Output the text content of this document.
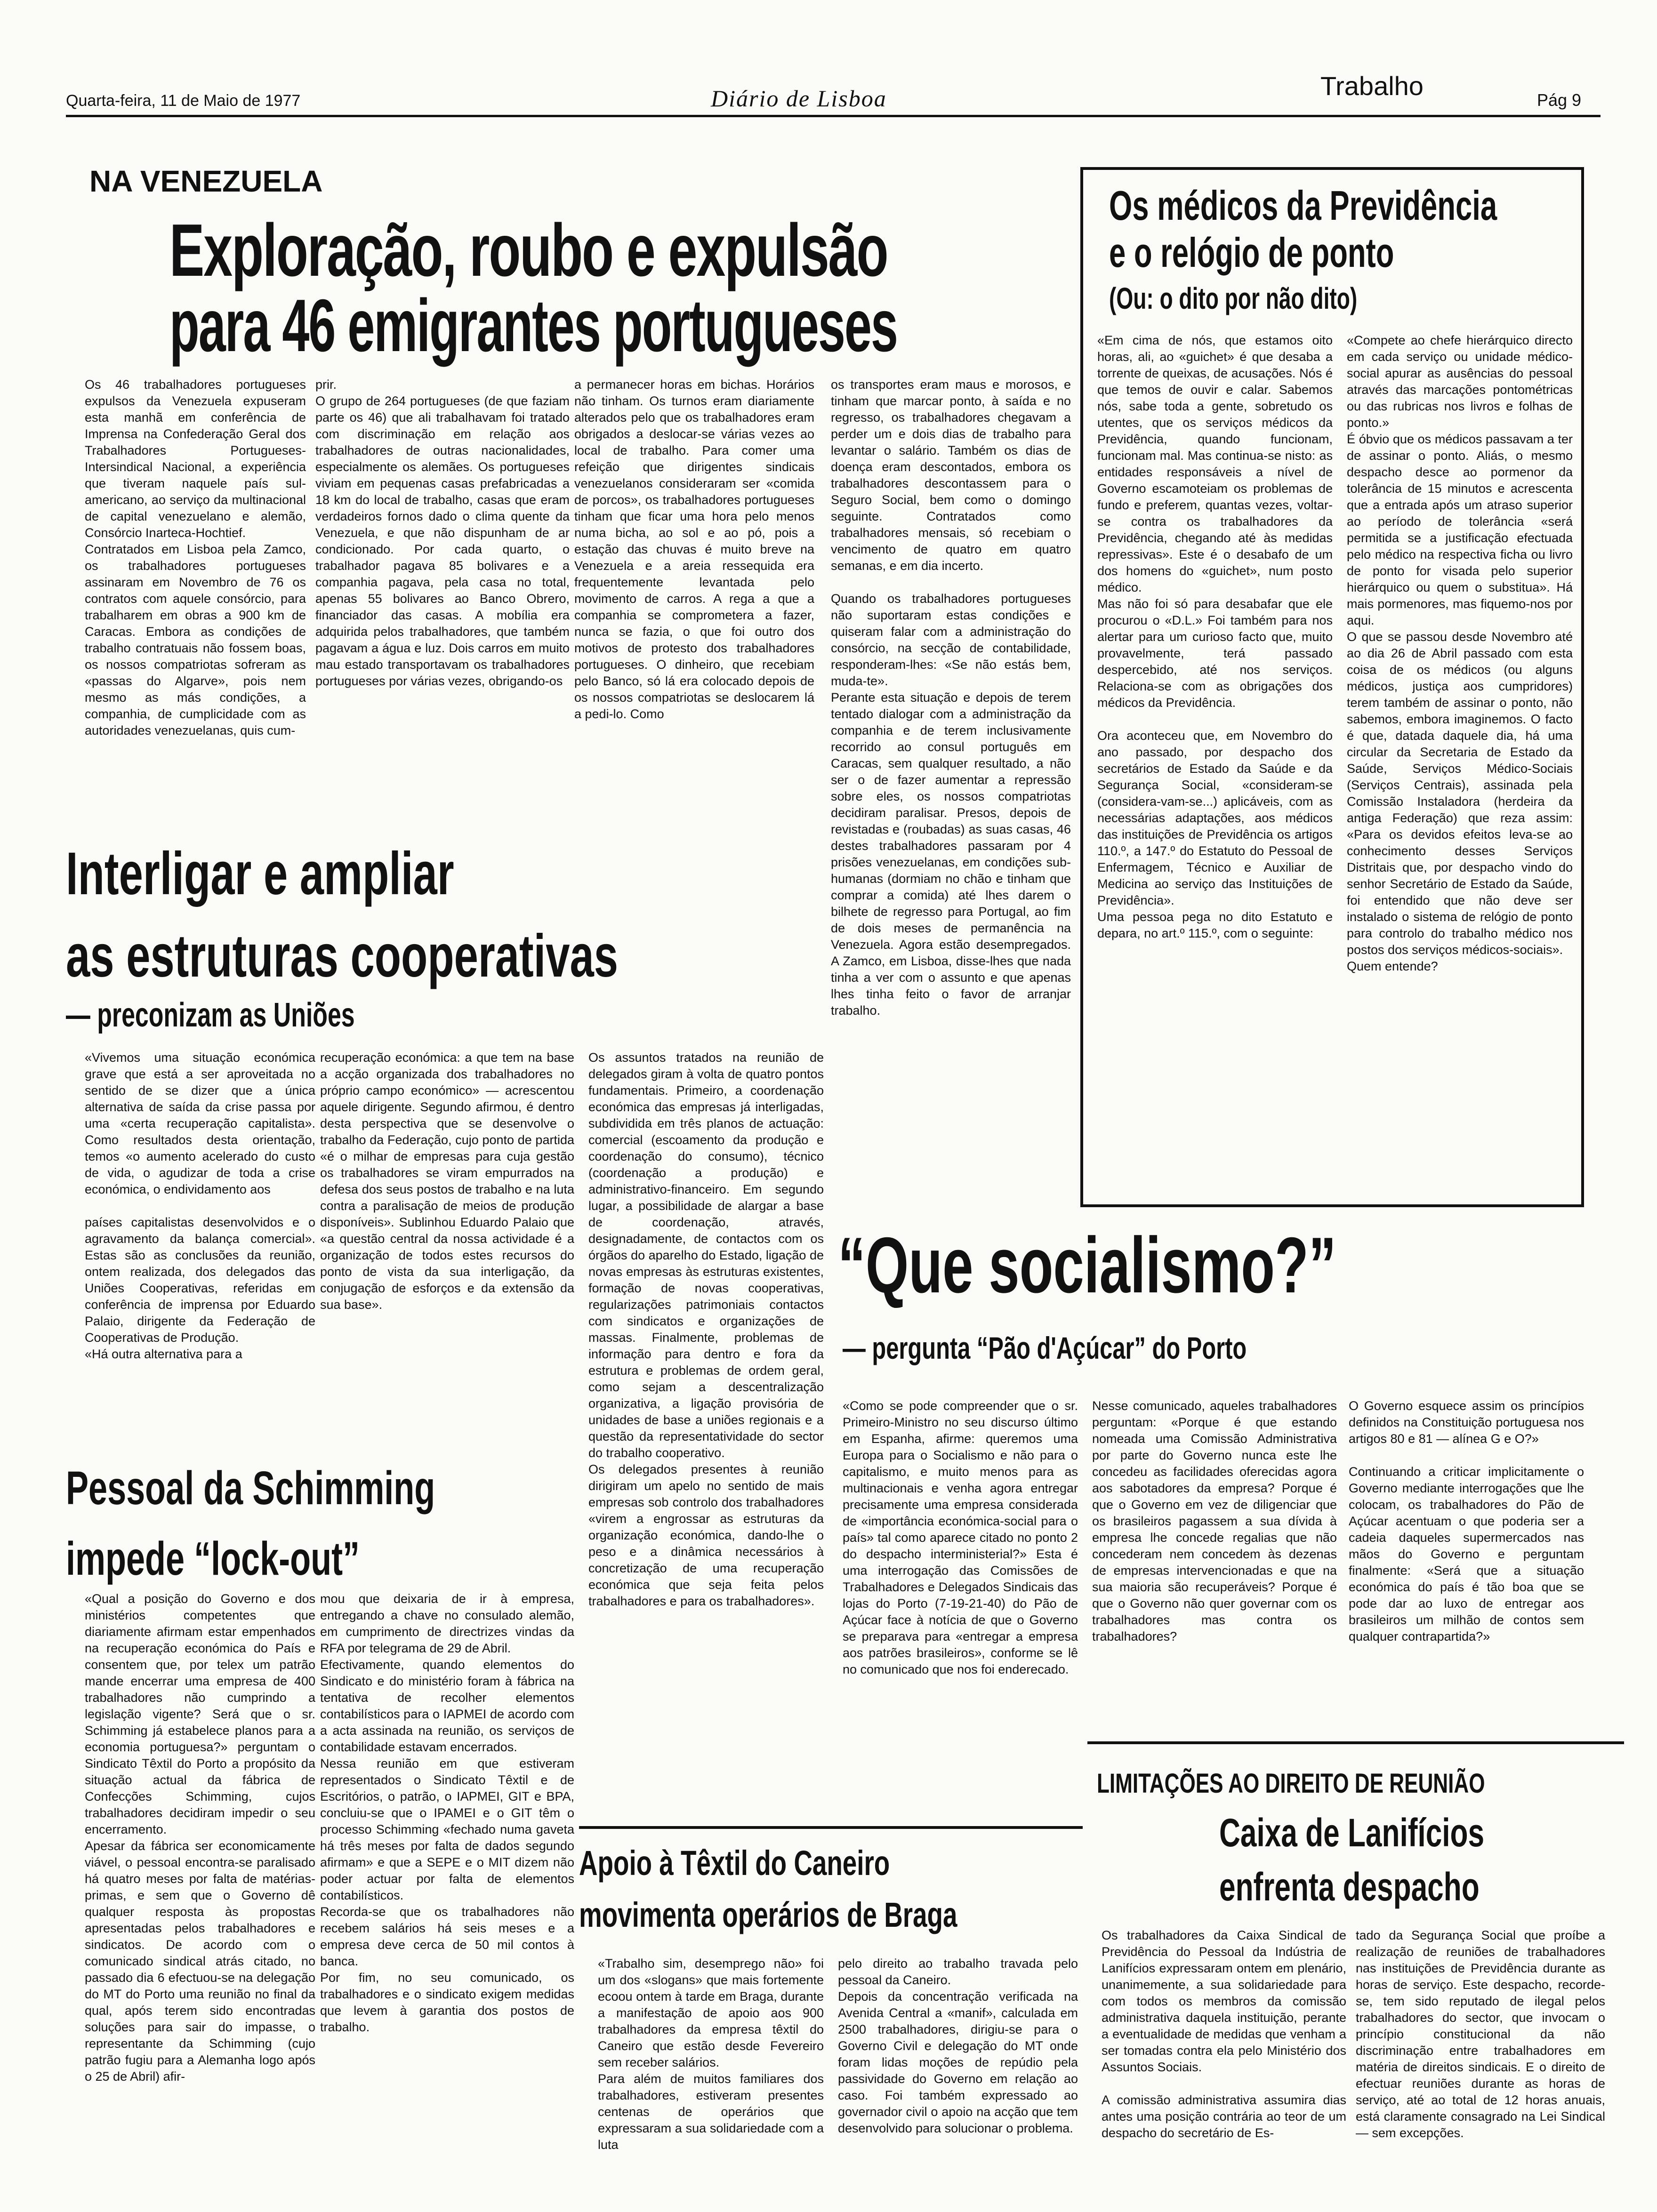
Quarta-feira, 11 de Maio de 1977	Diário de Lisboa	Trabalho	Pág 9
NA VENEZUELA
Exploração, roubo e expulsão
para 46 emigrantes portugueses

Os 46 trabalhadores portugueses expulsos da Venezuela expuseram esta manhã em conferência de Imprensa na Confederação Geral dos Trabalhadores Portugueses-Intersindical Nacional, a experiência que tiveram naquele país sul-americano, ao serviço da multinacional de capital venezuelano e alemão, Consórcio Inarteca-Hochtief.
Contratados em Lisboa pela Zamco, os trabalhadores portugueses assinaram em Novembro de 76 os contratos com aquele consórcio, para trabalharem em obras a 900 km de Caracas. Embora as condições de trabalho contratuais não fossem boas, os nossos compatriotas sofreram as «passas do Algarve», pois nem mesmo as más condições, a companhia, de cumplicidade com as autoridades venezuelanas, quis cum-

prir.
O grupo de 264 portugueses (de que faziam parte os 46) que ali trabalhavam foi tratado com discriminação em relação aos trabalhadores de outras nacionalidades, especialmente os alemães. Os portugueses viviam em pequenas casas prefabricadas a 18 km do local de trabalho, casas que eram verdadeiros fornos dado o clima quente da Venezuela, e que não dispunham de ar condicionado. Por cada quarto, o trabalhador pagava 85 bolivares e a companhia pagava, pela casa no total, apenas 55 bolivares ao Banco Obrero, financiador das casas. A mobília era adquirida pelos trabalhadores, que também pagavam a água e luz. Dois carros em muito mau estado transportavam os trabalhadores portugueses por várias vezes, obrigando-os

a permanecer horas em bichas. Horários não tinham. Os turnos eram diariamente alterados pelo que os trabalhadores eram obrigados a deslocar-se várias vezes ao local de trabalho. Para comer uma refeição que dirigentes sindicais venezuelanos consideraram ser «comida de porcos», os trabalhadores portugueses tinham que ficar uma hora pelo menos numa bicha, ao sol e ao pó, pois a estação das chuvas é muito breve na Venezuela e a areia ressequida era frequentemente levantada pelo movimento de carros. A rega a que a companhia se comprometera a fazer, nunca se fazia, o que foi outro dos motivos de protesto dos trabalhadores portugueses. O dinheiro, que recebiam pelo Banco, só lá era colocado depois de os nossos compatriotas se deslocarem lá a pedi-lo. Como

os transportes eram maus e morosos, e tinham que marcar ponto, à saída e no regresso, os trabalhadores chegavam a perder um e dois dias de trabalho para levantar o salário. Também os dias de doença eram descontados, embora os trabalhadores descontassem para o Seguro Social, bem como o domingo seguinte. Contratados como trabalhadores mensais, só recebiam o vencimento de quatro em quatro semanas, e em dia incerto.

Quando os trabalhadores portugueses não suportaram estas condições e quiseram falar com a administração do consórcio, na secção de contabilidade, responderam-lhes: «Se não estás bem, muda-te».
Perante esta situação e depois de terem tentado dialogar com a administração da companhia e de terem inclusivamente recorrido ao consul português em Caracas, sem qualquer resultado, a não ser o de fazer aumentar a repressão sobre eles, os nossos compatriotas decidiram paralisar. Presos, depois de revistadas e (roubadas) as suas casas, 46 destes trabalhadores passaram por 4 prisões venezuelanas, em condições sub-humanas (dormiam no chão e tinham que comprar a comida) até lhes darem o bilhete de regresso para Portugal, ao fim de dois meses de permanência na Venezuela. Agora estão desempregados. A Zamco, em Lisboa, disse-lhes que nada tinha a ver com o assunto e que apenas lhes tinha feito o favor de arranjar trabalho.

Os médicos da Previdência
e o relógio de ponto
(Ou: o dito por não dito)

«Em cima de nós, que estamos oito horas, ali, ao «guichet» é que desaba a torrente de queixas, de acusações. Nós é que temos de ouvir e calar. Sabemos nós, sabe toda a gente, sobretudo os utentes, que os serviços médicos da Previdência, quando funcionam, funcionam mal. Mas continua-se nisto: as entidades responsáveis a nível de Governo escamoteiam os problemas de fundo e preferem, quantas vezes, voltar-se contra os trabalhadores da Previdência, chegando até às medidas repressivas». Este é o desabafo de um dos homens do «guichet», num posto médico.
Mas não foi só para desabafar que ele procurou o «D.L.» Foi também para nos alertar para um curioso facto que, muito provavelmente, terá passado despercebido, até nos serviços. Relaciona-se com as obrigações dos médicos da Previdência.

Ora aconteceu que, em Novembro do ano passado, por despacho dos secretários de Estado da Saúde e da Segurança Social, «consideram-se (considera-vam-se...) aplicáveis, com as necessárias adaptações, aos médicos das instituições de Previdência os artigos 110.º, a 147.º do Estatuto do Pessoal de Enfermagem, Técnico e Auxiliar de Medicina ao serviço das Instituições de Previdência».
Uma pessoa pega no dito Estatuto e depara, no art.º 115.º, com o seguinte:

«Compete ao chefe hierárquico directo em cada serviço ou unidade médico-social apurar as ausências do pessoal através das marcações pontométricas ou das rubricas nos livros e folhas de ponto.»
É óbvio que os médicos passavam a ter de assinar o ponto. Aliás, o mesmo despacho desce ao pormenor da tolerância de 15 minutos e acrescenta que a entrada após um atraso superior ao período de tolerância «será permitida se a justificação efectuada pelo médico na respectiva ficha ou livro de ponto for visada pelo superior hierárquico ou quem o substitua». Há mais pormenores, mas fiquemo-nos por aqui.
O que se passou desde Novembro até ao dia 26 de Abril passado com esta coisa de os médicos (ou alguns médicos, justiça aos cumpridores) terem também de assinar o ponto, não sabemos, embora imaginemos. O facto é que, datada daquele dia, há uma circular da Secretaria de Estado da Saúde, Serviços Médico-Sociais (Serviços Centrais), assinada pela Comissão Instaladora (herdeira da antiga Federação) que reza assim: «Para os devidos efeitos leva-se ao conhecimento desses Serviços Distritais que, por despacho vindo do senhor Secretário de Estado da Saúde, foi entendido que não deve ser instalado o sistema de relógio de ponto para controlo do trabalho médico nos postos dos serviços médicos-sociais».
Quem entende?

Interligar e ampliar
as estruturas cooperativas
— preconizam as Uniões

«Vivemos uma situação económica grave que está a ser aproveitada no sentido de se dizer que a única alternativa de saída da crise passa por uma «certa recuperação capitalista». Como resultados desta orientação, temos «o aumento acelerado do custo de vida, o agudizar de toda a crise económica, o endividamento aos

países capitalistas desenvolvidos e o agravamento da balança comercial». Estas são as conclusões da reunião, ontem realizada, dos delegados das Uniões Cooperativas, referidas em conferência de imprensa por Eduardo Palaio, dirigente da Federação de Cooperativas de Produção.
«Há outra alternativa para a

recuperação económica: a que tem na base a acção organizada dos trabalhadores no próprio campo económico» — acrescentou aquele dirigente. Segundo afirmou, é dentro desta perspectiva que se desenvolve o trabalho da Federação, cujo ponto de partida «é o milhar de empresas para cuja gestão os trabalhadores se viram empurrados na defesa dos seus postos de trabalho e na luta contra a paralisação de meios de produção disponíveis». Sublinhou Eduardo Palaio que «a questão central da nossa actividade é a organização de todos estes recursos do ponto de vista da sua interligação, da conjugação de esforços e da extensão da sua base».

Os assuntos tratados na reunião de delegados giram à volta de quatro pontos fundamentais. Primeiro, a coordenação económica das empresas já interligadas, subdividida em três planos de actuação: comercial (escoamento da produção e coordenação do consumo), técnico (coordenação a produção) e administrativo-financeiro. Em segundo lugar, a possibilidade de alargar a base de coordenação, através, designadamente, de contactos com os órgãos do aparelho do Estado, ligação de novas empresas às estruturas existentes, formação de novas cooperativas, regularizações patrimoniais contactos com sindicatos e organizações de massas. Finalmente, problemas de informação para dentro e fora da estrutura e problemas de ordem geral, como sejam a descentralização organizativa, a ligação provisória de unidades de base a uniões regionais e a questão da representatividade do sector do trabalho cooperativo.
Os delegados presentes à reunião dirigiram um apelo no sentido de mais empresas sob controlo dos trabalhadores «virem a engrossar as estruturas da organização económica, dando-lhe o peso e a dinâmica necessários à concretização de uma recuperação económica que seja feita pelos trabalhadores e para os trabalhadores».

Pessoal da Schimming
impede “lock-out”

«Qual a posição do Governo e dos ministérios competentes que diariamente afirmam estar empenhados na recuperação económica do País e consentem que, por telex um patrão mande encerrar uma empresa de 400 trabalhadores não cumprindo a legislação vigente? Será que o sr. Schimming já estabelece planos para a economia portuguesa?» perguntam o Sindicato Têxtil do Porto a propósito da situação actual da fábrica de Confecções Schimming, cujos trabalhadores decidiram impedir o seu encerramento.
Apesar da fábrica ser economicamente viável, o pessoal encontra-se paralisado há quatro meses por falta de matérias-primas, e sem que o Governo dê qualquer resposta às propostas apresentadas pelos trabalhadores e sindicatos. De acordo com o comunicado sindical atrás citado, no passado dia 6 efectuou-se na delegação do MT do Porto uma reunião no final da qual, após terem sido encontradas soluções para sair do impasse, o representante da Schimming (cujo patrão fugiu para a Alemanha logo após o 25 de Abril) afir-

mou que deixaria de ir à empresa, entregando a chave no consulado alemão, em cumprimento de directrizes vindas da RFA por telegrama de 29 de Abril.
Efectivamente, quando elementos do Sindicato e do ministério foram à fábrica na tentativa de recolher elementos contabilísticos para o IAPMEI de acordo com a acta assinada na reunião, os serviços de contabilidade estavam encerrados.
Nessa reunião em que estiveram representados o Sindicato Têxtil e de Escritórios, o patrão, o IAPMEI, GIT e BPA, concluiu-se que o IPAMEI e o GIT têm o processo Schimming «fechado numa gaveta há três meses por falta de dados segundo afirmam» e que a SEPE e o MIT dizem não poder actuar por falta de elementos contabilísticos.
Recorda-se que os trabalhadores não recebem salários há seis meses e a empresa deve cerca de 50 mil contos à banca.
Por fim, no seu comunicado, os trabalhadores e o sindicato exigem medidas que levem à garantia dos postos de trabalho.

“Que socialismo?”
— pergunta “Pão d'Açúcar” do Porto

«Como se pode compreender que o sr. Primeiro-Ministro no seu discurso último em Espanha, afirme: queremos uma Europa para o Socialismo e não para o capitalismo, e muito menos para as multinacionais e venha agora entregar precisamente uma empresa considerada de «importância económica-social para o país» tal como aparece citado no ponto 2 do despacho interministerial?» Esta é uma interrogação das Comissões de Trabalhadores e Delegados Sindicais das lojas do Porto (7-19-21-40) do Pão de Açúcar face à notícia de que o Governo se preparava para «entregar a empresa aos patrões brasileiros», conforme se lê no comunicado que nos foi enderecado.

Nesse comunicado, aqueles trabalhadores perguntam: «Porque é que estando nomeada uma Comissão Administrativa por parte do Governo nunca este lhe concedeu as facilidades oferecidas agora aos sabotadores da empresa? Porque é que o Governo em vez de diligenciar que os brasileiros pagassem a sua dívida à empresa lhe concede regalias que não concederam nem concedem às dezenas de empresas intervencionadas e que na sua maioria são recuperáveis? Porque é que o Governo não quer governar com os trabalhadores mas contra os trabalhadores?

O Governo esquece assim os princípios definidos na Constituição portuguesa nos artigos 80 e 81 — alínea G e O?»

Continuando a criticar implicitamente o Governo mediante interrogações que lhe colocam, os trabalhadores do Pão de Açúcar acentuam o que poderia ser a cadeia daqueles supermercados nas mãos do Governo e perguntam finalmente: «Será que a situação económica do país é tão boa que se pode dar ao luxo de entregar aos brasileiros um milhão de contos sem qualquer contrapartida?»

Apoio à Têxtil do Caneiro
movimenta operários de Braga

«Trabalho sim, desemprego não» foi um dos «slogans» que mais fortemente ecoou ontem à tarde em Braga, durante a manifestação de apoio aos 900 trabalhadores da empresa têxtil do Caneiro que estão desde Fevereiro sem receber salários.
Para além de muitos familiares dos trabalhadores, estiveram presentes centenas de operários que expressaram a sua solidariedade com a luta

pelo direito ao trabalho travada pelo pessoal da Caneiro.
Depois da concentração verificada na Avenida Central a «manif», calculada em 2500 trabalhadores, dirigiu-se para o Governo Civil e delegação do MT onde foram lidas moções de repúdio pela passividade do Governo em relação ao caso. Foi também expressado ao governador civil o apoio na acção que tem desenvolvido para solucionar o problema.

LIMITAÇÕES AO DIREITO DE REUNIÃO
Caixa de Lanifícios
enfrenta despacho

Os trabalhadores da Caixa Sindical de Previdência do Pessoal da Indústria de Lanifícios expressaram ontem em plenário, unanimemente, a sua solidariedade para com todos os membros da comissão administrativa daquela instituição, perante a eventualidade de medidas que venham a ser tomadas contra ela pelo Ministério dos Assuntos Sociais.

A comissão administrativa assumira dias antes uma posição contrária ao teor de um despacho do secretário de Es-

tado da Segurança Social que proíbe a realização de reuniões de trabalhadores nas instituições de Previdência durante as horas de serviço. Este despacho, recorde-se, tem sido reputado de ilegal pelos trabalhadores do sector, que invocam o princípio constitucional da não discriminação entre trabalhadores em matéria de direitos sindicais. E o direito de efectuar reuniões durante as horas de serviço, até ao total de 12 horas anuais, está claramente consagrado na Lei Sindical — sem excepções.
